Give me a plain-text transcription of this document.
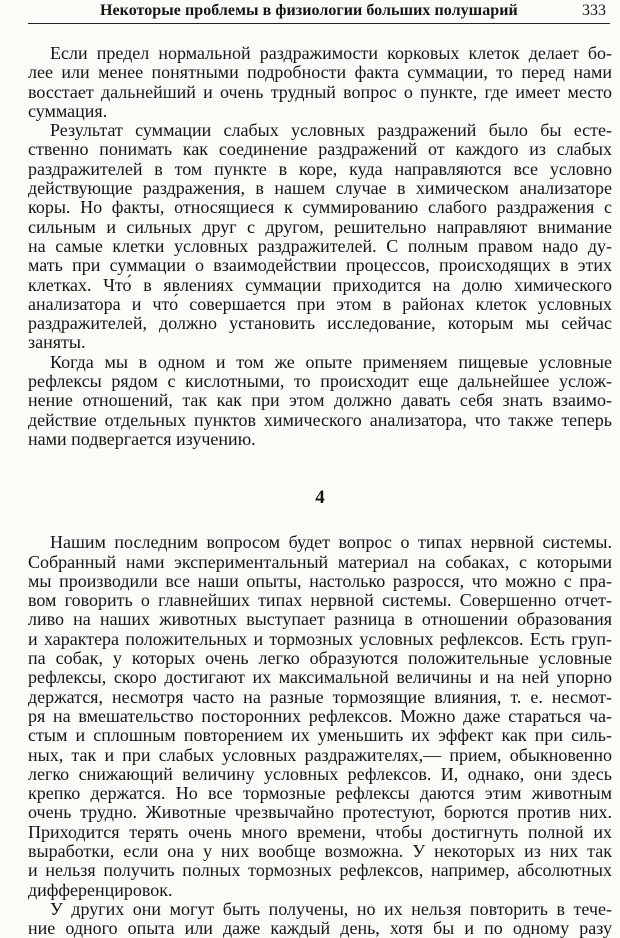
Некоторые проблемы в физиологии больших полушарий	333
Если предел нормальной раздражимости корковых клеток делает бо-
лее или менее понятными подробности факта суммации, то перед нами
восстает дальнейший и очень трудный вопрос о пункте, где имеет место
суммация.
Результат суммации слабых условных раздражений было бы есте-
ственно понимать как соединение раздражений от каждого из слабых
раздражителей в том пункте в коре, куда направляются все условно
действующие раздражения, в нашем случае в химическом анализаторе
коры. Но факты, относящиеся к суммированию слабого раздражения с
сильным и сильных друг с другом, решительно направляют внимание
на самые клетки условных раздражителей. С полным правом надо ду-
мать при суммации о взаимодействии процессов, происходящих в этих
клетках. Что́ в явлениях суммации приходится на долю химического
анализатора и что́ совершается при этом в районах клеток условных
раздражителей, должно установить исследование, которым мы сейчас
заняты.
Когда мы в одном и том же опыте применяем пищевые условные
рефлексы рядом с кислотными, то происходит еще дальнейшее услож-
нение отношений, так как при этом должно давать себя знать взаимо-
действие отдельных пунктов химического анализатора, что также теперь
нами подвергается изучению.
4
Нашим последним вопросом будет вопрос о типах нервной системы.
Собранный нами экспериментальный материал на собаках, с которыми
мы производили все наши опыты, настолько разросся, что можно с пра-
вом говорить о главнейших типах нервной системы. Совершенно отчет-
ливо на наших животных выступает разница в отношении образования
и характера положительных и тормозных условных рефлексов. Есть груп-
па собак, у которых очень легко образуются положительные условные
рефлексы, скоро достигают их максимальной величины и на ней упорно
держатся, несмотря часто на разные тормозящие влияния, т. е. несмот-
ря на вмешательство посторонних рефлексов. Можно даже стараться ча-
стым и сплошным повторением их уменьшить их эффект как при силь-
ных, так и при слабых условных раздражителях,— прием, обыкновенно
легко снижающий величину условных рефлексов. И, однако, они здесь
крепко держатся. Но все тормозные рефлексы даются этим животным
очень трудно. Животные чрезвычайно протестуют, борются против них.
Приходится терять очень много времени, чтобы достигнуть полной их
выработки, если она у них вообще возможна. У некоторых из них так
и нельзя получить полных тормозных рефлексов, например, абсолютных
дифференцировок.
У других они могут быть получены, но их нельзя повторить в тече-
ние одного опыта или даже каждый день, хотя бы и по одному разу
